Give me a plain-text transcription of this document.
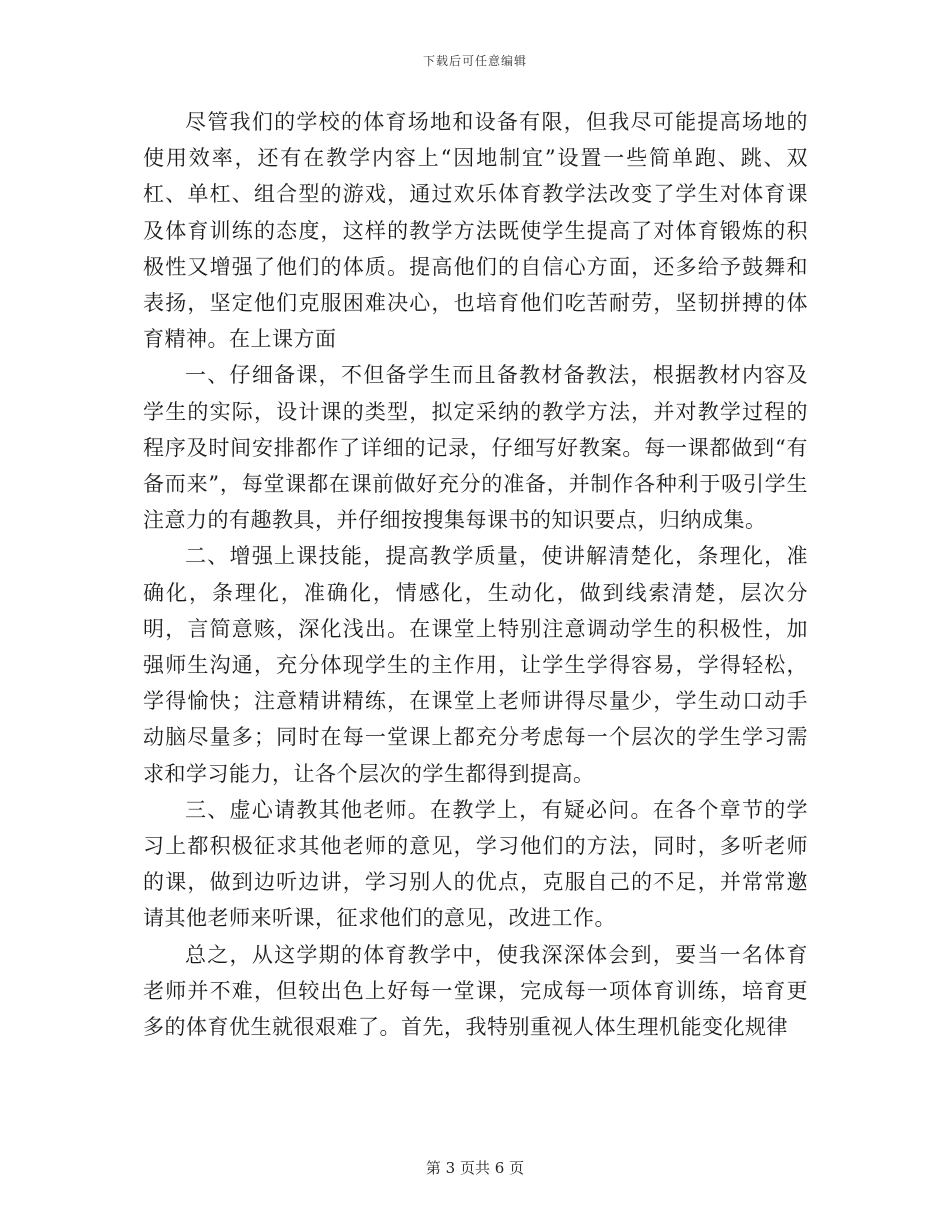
下载后可任意编辑

尽管我们的学校的体育场地和设备有限，但我尽可能提高场地的使用效率，还有在教学内容上“因地制宜”设置一些简单跑、跳、双杠、单杠、组合型的游戏，通过欢乐体育教学法改变了学生对体育课及体育训练的态度，这样的教学方法既使学生提高了对体育锻炼的积极性又增强了他们的体质。提高他们的自信心方面，还多给予鼓舞和表扬，坚定他们克服困难决心，也培育他们吃苦耐劳，坚韧拼搏的体育精神。在上课方面

一、仔细备课，不但备学生而且备教材备教法，根据教材内容及学生的实际，设计课的类型，拟定采纳的教学方法，并对教学过程的程序及时间安排都作了详细的记录，仔细写好教案。每一课都做到“有备而来”，每堂课都在课前做好充分的准备，并制作各种利于吸引学生注意力的有趣教具，并仔细按搜集每课书的知识要点，归纳成集。

二、增强上课技能，提高教学质量，使讲解清楚化，条理化，准确化，条理化，准确化，情感化，生动化，做到线索清楚，层次分明，言简意赅，深化浅出。在课堂上特别注意调动学生的积极性，加强师生沟通，充分体现学生的主作用，让学生学得容易，学得轻松，学得愉快；注意精讲精练，在课堂上老师讲得尽量少，学生动口动手动脑尽量多；同时在每一堂课上都充分考虑每一个层次的学生学习需求和学习能力，让各个层次的学生都得到提高。

三、虚心请教其他老师。在教学上，有疑必问。在各个章节的学习上都积极征求其他老师的意见，学习他们的方法，同时，多听老师的课，做到边听边讲，学习别人的优点，克服自己的不足，并常常邀请其他老师来听课，征求他们的意见，改进工作。

总之，从这学期的体育教学中，使我深深体会到，要当一名体育老师并不难，但较出色上好每一堂课，完成每一项体育训练，培育更多的体育优生就很艰难了。首先，我特别重视人体生理机能变化规律

第 3 页共 6 页
